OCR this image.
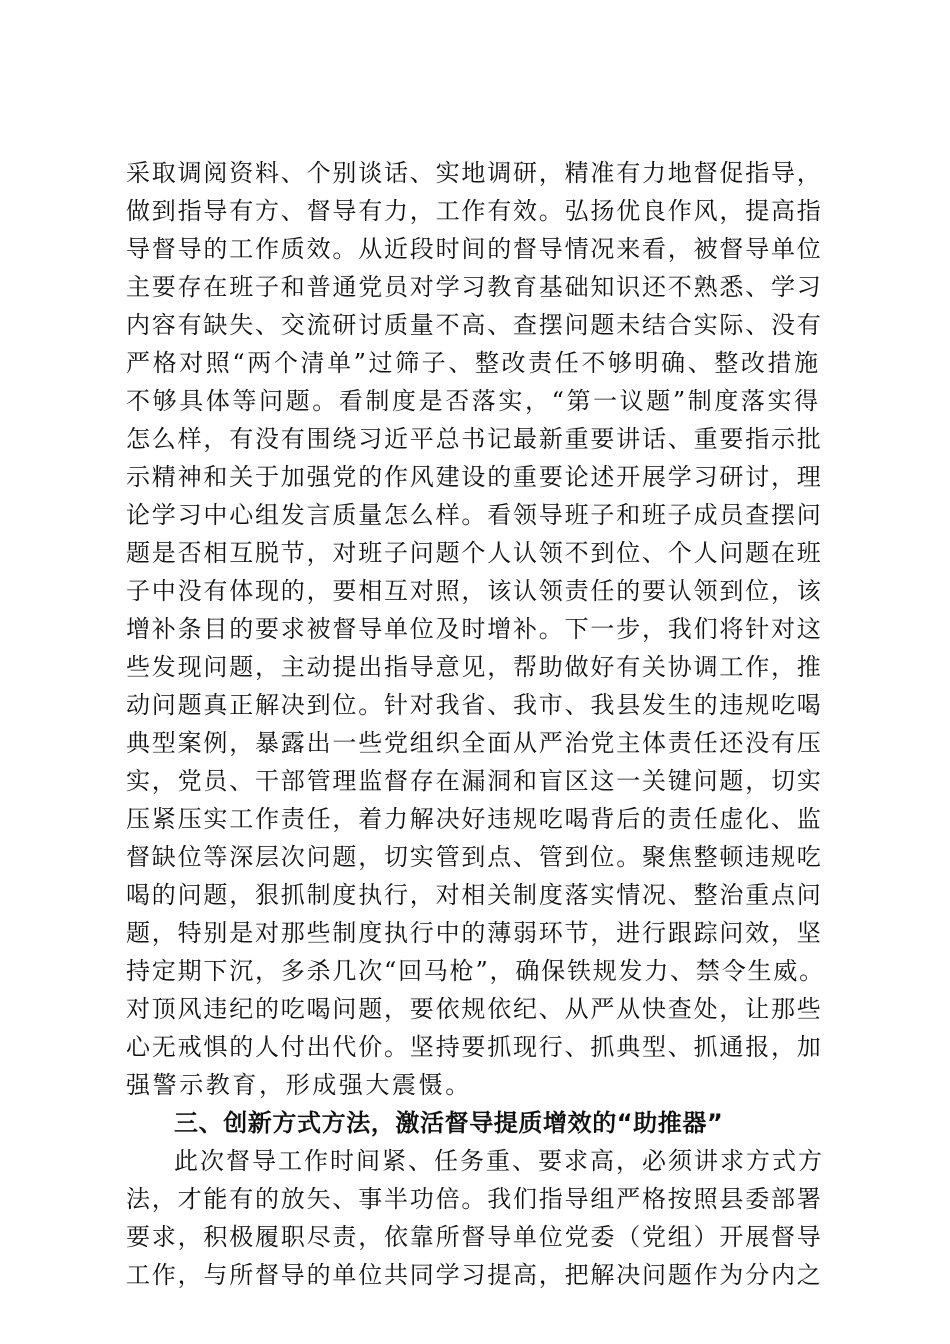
采取调阅资料、个别谈话、实地调研，精准有力地督促指导，
做到指导有方、督导有力，工作有效。弘扬优良作风，提高指
导督导的工作质效。从近段时间的督导情况来看，被督导单位
主要存在班子和普通党员对学习教育基础知识还不熟悉、学习
内容有缺失、交流研讨质量不高、查摆问题未结合实际、没有
严格对照“两个清单”过筛子、整改责任不够明确、整改措施
不够具体等问题。看制度是否落实，“第一议题”制度落实得
怎么样，有没有围绕习近平总书记最新重要讲话、重要指示批
示精神和关于加强党的作风建设的重要论述开展学习研讨，理
论学习中心组发言质量怎么样。看领导班子和班子成员查摆问
题是否相互脱节，对班子问题个人认领不到位、个人问题在班
子中没有体现的，要相互对照，该认领责任的要认领到位，该
增补条目的要求被督导单位及时增补。下一步，我们将针对这
些发现问题，主动提出指导意见，帮助做好有关协调工作，推
动问题真正解决到位。针对我省、我市、我县发生的违规吃喝
典型案例，暴露出一些党组织全面从严治党主体责任还没有压
实，党员、干部管理监督存在漏洞和盲区这一关键问题，切实
压紧压实工作责任，着力解决好违规吃喝背后的责任虚化、监
督缺位等深层次问题，切实管到点、管到位。聚焦整顿违规吃
喝的问题，狠抓制度执行，对相关制度落实情况、整治重点问
题，特别是对那些制度执行中的薄弱环节，进行跟踪问效，坚
持定期下沉，多杀几次“回马枪”，确保铁规发力、禁令生威。
对顶风违纪的吃喝问题，要依规依纪、从严从快查处，让那些
心无戒惧的人付出代价。坚持要抓现行、抓典型、抓通报，加
强警示教育，形成强大震慑。
三、创新方式方法，激活督导提质增效的“助推器”
此次督导工作时间紧、任务重、要求高，必须讲求方式方
法，才能有的放矢、事半功倍。我们指导组严格按照县委部署
要求，积极履职尽责，依靠所督导单位党委（党组）开展督导
工作，与所督导的单位共同学习提高，把解决问题作为分内之
